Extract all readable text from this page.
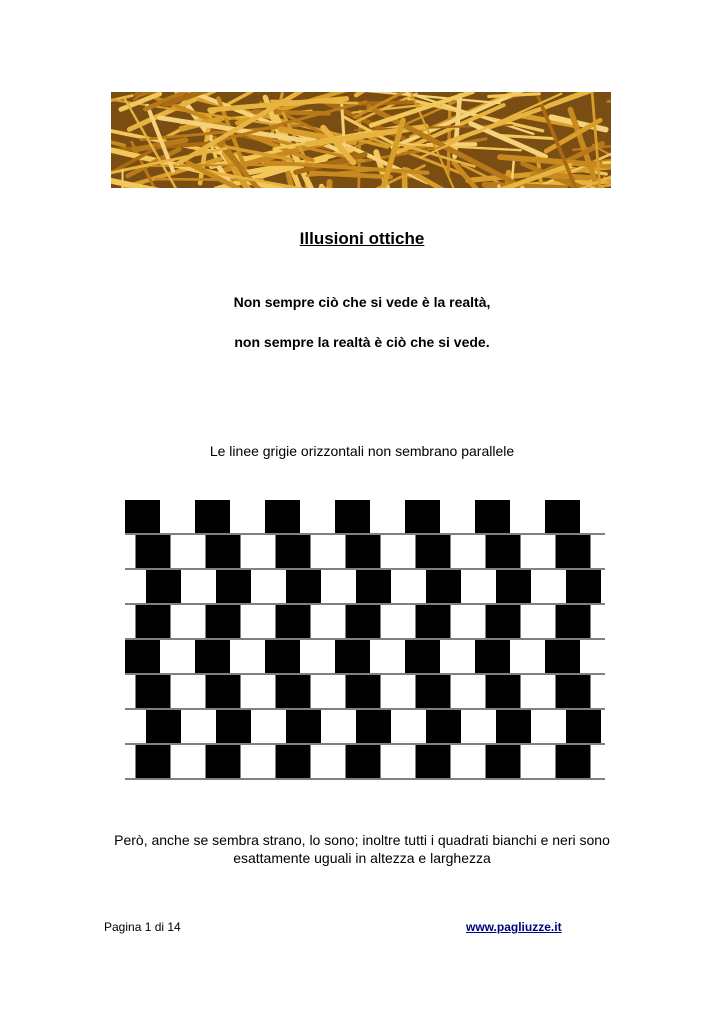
Illusioni ottiche
Non sempre ciò che si vede è la realtà,
non sempre la realtà è ciò che si vede.
Le linee grigie orizzontali non sembrano parallele
Però, anche se sembra strano, lo sono; inoltre tutti i quadrati bianchi e neri sono esattamente uguali in altezza e larghezza
Pagina 1 di 14	www.pagliuzze.it
